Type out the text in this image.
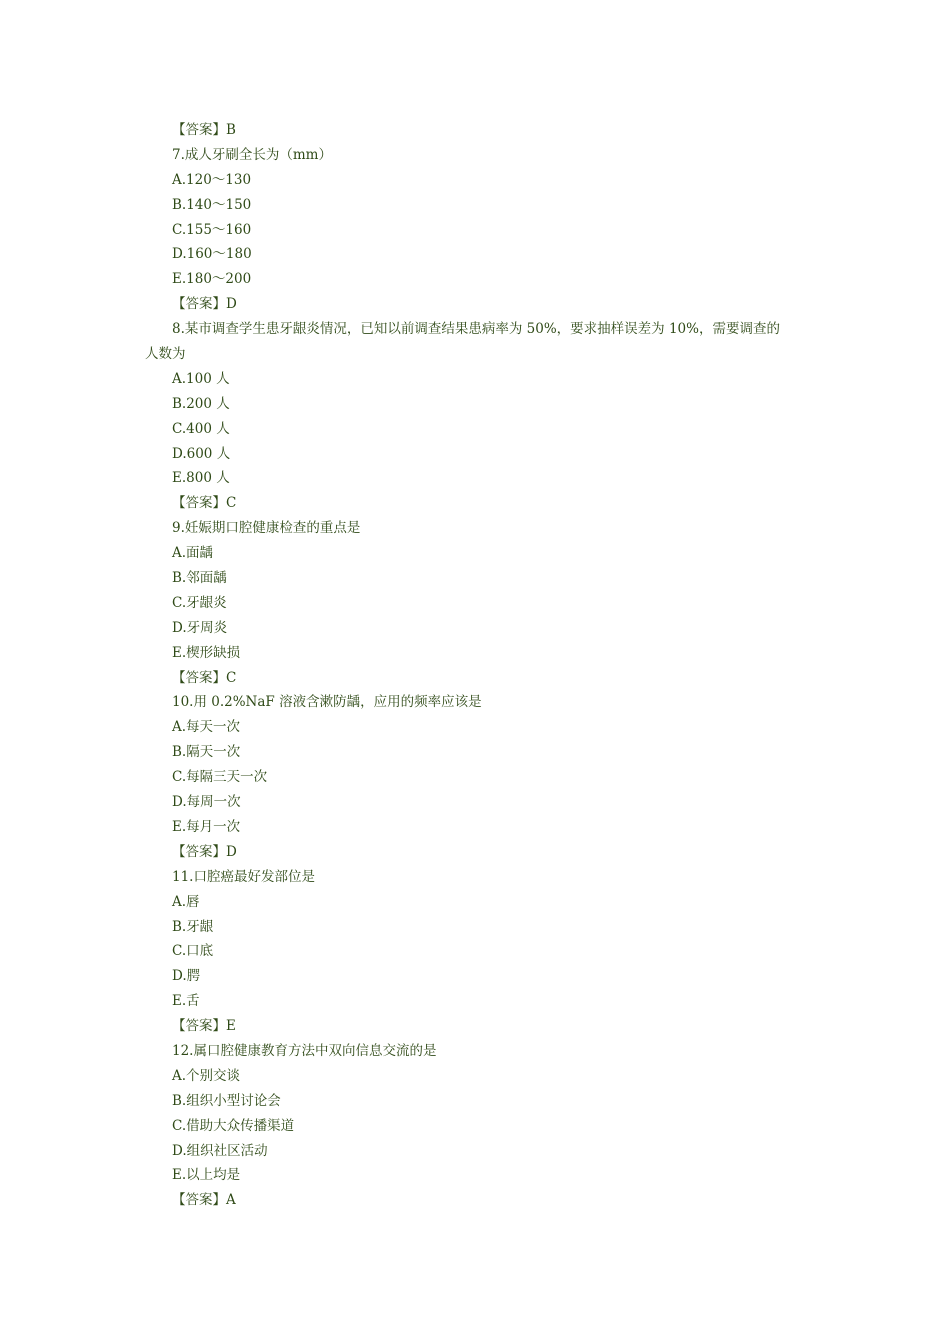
【答案】B
7.成人牙刷全长为（mm）
A.120～130
B.140～150
C.155～160
D.160～180
E.180～200
【答案】D
8.某市调查学生患牙龈炎情况，已知以前调查结果患病率为 50%，要求抽样误差为 10%，需要调查的
人数为
A.100 人
B.200 人
C.400 人
D.600 人
E.800 人
【答案】C
9.妊娠期口腔健康检查的重点是
A.面龋
B.邻面龋
C.牙龈炎
D.牙周炎
E.楔形缺损
【答案】C
10.用 0.2%NaF 溶液含漱防龋，应用的频率应该是
A.每天一次
B.隔天一次
C.每隔三天一次
D.每周一次
E.每月一次
【答案】D
11.口腔癌最好发部位是
A.唇
B.牙龈
C.口底
D.腭
E.舌
【答案】E
12.属口腔健康教育方法中双向信息交流的是
A.个别交谈
B.组织小型讨论会
C.借助大众传播渠道
D.组织社区活动
E.以上均是
【答案】A
